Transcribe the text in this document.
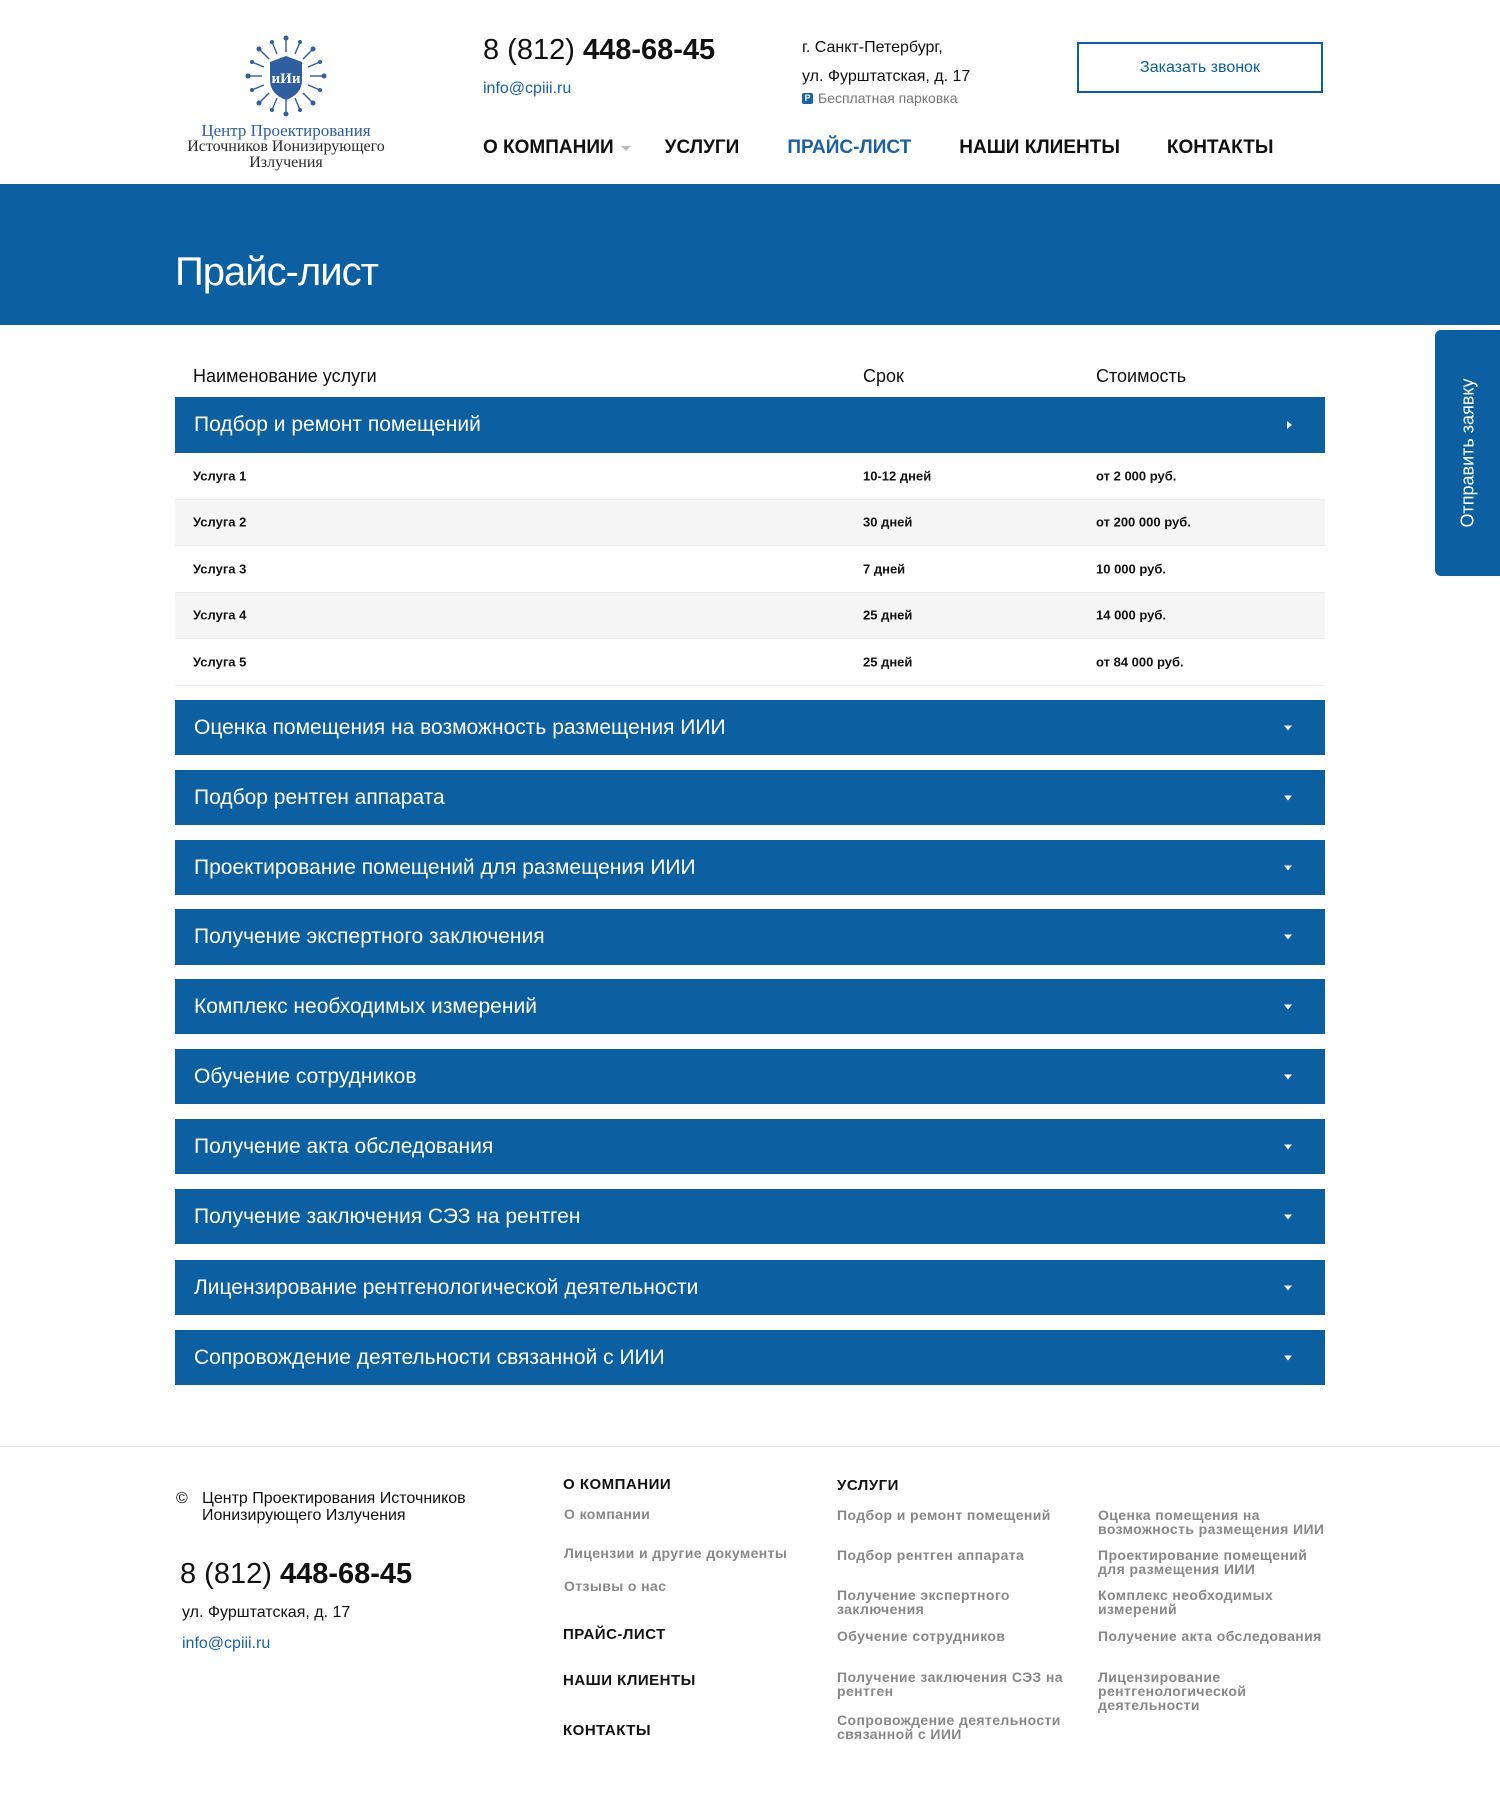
иИи
Центр Проектирования
Источников Ионизирующего
Излучения
8 (812) 448-68-45
info@cpiii.ru
г. Санкт-Петербург,
ул. Фурштатская, д. 17
P Бесплатная парковка
Заказать звонок
О КОМПАНИИ	УСЛУГИ	ПРАЙС-ЛИСТ	НАШИ КЛИЕНТЫ КОНТАКТЫ
Прайс-лист
Отправить заявку
Наименование услуги	Срок	Стоимость
Подбор и ремонт помещений
Услуга 1	10-12 дней	от 2 000 руб.
Услуга 2	30 дней	от 200 000 руб.
Услуга 3	7 дней	10 000 руб.
Услуга 4	25 дней	14 000 руб.
Услуга 5	25 дней	от 84 000 руб.
Оценка помещения на возможность размещения ИИИ
Подбор рентген аппарата
Проектирование помещений для размещения ИИИ
Получение экспертного заключения
Комплекс необходимых измерений
Обучение сотрудников
Получение акта обследования
Получение заключения СЭЗ на рентген
Лицензирование рентгенологической деятельности
Сопровождение деятельности связанной с ИИИ
© Центр Проектирования Источников Ионизирующего Излучения
8 (812) 448-68-45
ул. Фурштатская, д. 17
info@cpiii.ru
О КОМПАНИИ
О компании
Лицензии и другие документы
Отзывы о нас
ПРАЙС-ЛИСТ
НАШИ КЛИЕНТЫ
КОНТАКТЫ
УСЛУГИ
Подбор и ремонт помещений	Оценка помещения на возможность размещения ИИИ
Подбор рентген аппарата	Проектирование помещений для размещения ИИИ
Получение экспертного заключения
Комплекс необходимых измерений
Обучение сотрудников	Получение акта обследования
Получение заключения СЭЗ на рентген
Лицензирование рентгенологической деятельности
Сопровождение деятельности связанной с ИИИ
